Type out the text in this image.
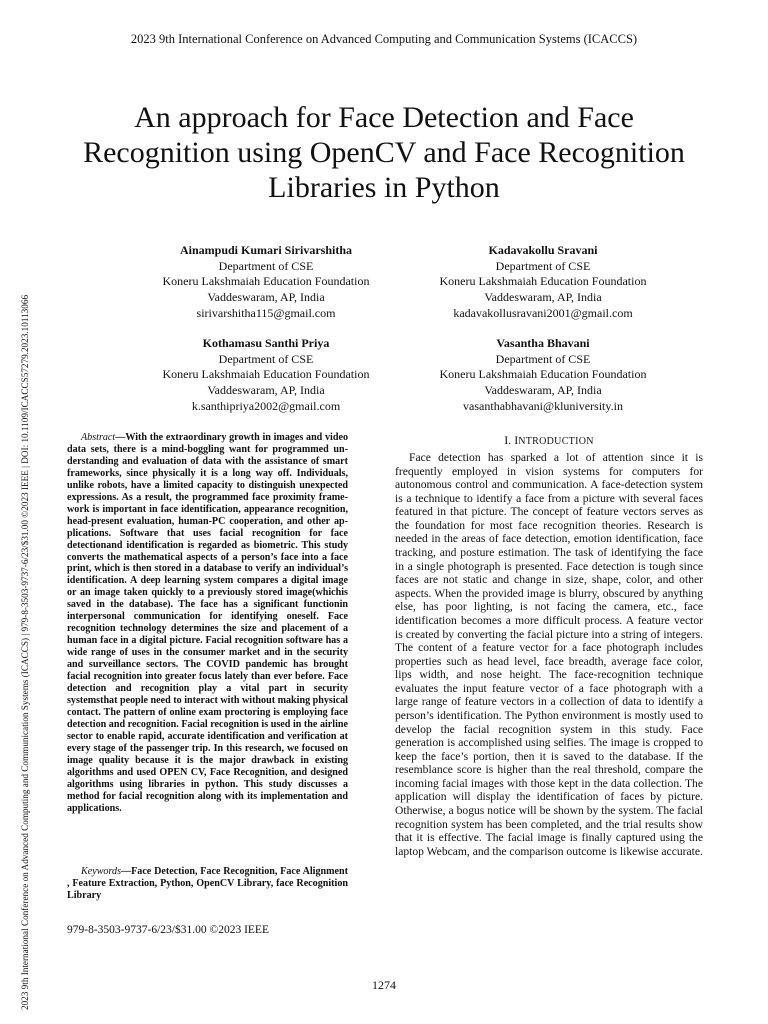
2023 9th International Conference on Advanced Computing and Communication Systems (ICACCS)
2023 9th International Conference on Advanced Computing and Communication Systems (ICACCS) | 979-8-3503-9737-6/23/$31.00 ©2023 IEEE | DOI: 10.1109/ICACCS57279.2023.10113066
An approach for Face Detection and Face
Recognition using OpenCV and Face Recognition
Libraries in Python
Ainampudi Kumari Sirivarshitha
Department of CSE
Koneru Lakshmaiah Education Foundation
Vaddeswaram, AP, India
sirivarshitha115@gmail.com
Kadavakollu Sravani
Department of CSE
Koneru Lakshmaiah Education Foundation
Vaddeswaram, AP, India
kadavakollusravani2001@gmail.com
Kothamasu Santhi Priya
Department of CSE
Koneru Lakshmaiah Education Foundation
Vaddeswaram, AP, India
k.santhipriya2002@gmail.com
Vasantha Bhavani
Department of CSE
Koneru Lakshmaiah Education Foundation
Vaddeswaram, AP, India
vasanthabhavani@kluniversity.in
Abstract—With the extraordinary growth in images and video data sets, there is a mind-boggling want for programmed un- derstanding and evaluation of data with the assistance of smart frameworks, since physically it is a long way off. Individuals, unlike robots, have a limited capacity to distinguish unexpected expressions. As a result, the programmed face proximity frame- work is important in face identification, appearance recognition, head-present evaluation, human-PC cooperation, and other ap- plications. Software that uses facial recognition for face detectionand identification is regarded as biometric. This study converts the mathematical aspects of a person’s face into a face print, which is then stored in a database to verify an individual’s identification. A deep learning system compares a digital image or an image taken quickly to a previously stored image(whichis saved in the database). The face has a significant functionin interpersonal communication for identifying oneself. Face recognition technology determines the size and placement of a human face in a digital picture. Facial recognition software has a wide range of uses in the consumer market and in the security and surveillance sectors. The COVID pandemic has brought facial recognition into greater focus lately than ever before. Face detection and recognition play a vital part in security systemsthat people need to interact with without making physical contact. The pattern of online exam proctoring is employing face detection and recognition. Facial recognition is used in the airline sector to enable rapid, accurate identification and verification at every stage of the passenger trip. In this research, we focused on image quality because it is the major drawback in existing algorithms and used OPEN CV, Face Recognition, and designed algorithms using libraries in python. This study discusses a method for facial recognition along with its implementation and applications.
Keywords—Face Detection, Face Recognition, Face Alignment , Feature Extraction, Python, OpenCV Library, face Recognition Library
979-8-3503-9737-6/23/$31.00 ©2023 IEEE
I. INTRODUCTION
Face detection has sparked a lot of attention since it is frequently employed in vision systems for computers for autonomous control and communication. A face-detection system is a technique to identify a face from a picture with several faces featured in that picture. The concept of feature vectors serves as the foundation for most face recognition theories. Research is needed in the areas of face detection, emotion identification, face tracking, and posture estimation. The task of identifying the face in a single photograph is presented. Face detection is tough since faces are not static and change in size, shape, color, and other aspects. When the provided image is blurry, obscured by anything else, has poor lighting, is not facing the camera, etc., face identification becomes a more difficult process. A feature vector is created by converting the facial picture into a string of integers. The content of a feature vector for a face photograph includes properties such as head level, face breadth, average face color, lips width, and nose height. The face-recognition technique evaluates the input feature vector of a face photograph with a large range of feature vectors in a collection of data to identify a person’s identification. The Python environment is mostly used to develop the facial recognition system in this study. Face generation is accomplished using selfies. The image is cropped to keep the face’s portion, then it is saved to the database. If the resemblance score is higher than the real threshold, compare the incoming facial images with those kept in the data collection. The application will display the identification of faces by picture. Otherwise, a bogus notice will be shown by the system. The facial recognition system has been completed, and the trial results show that it is effective. The facial image is finally captured using the laptop Webcam, and the comparison outcome is likewise accurate.
1274
